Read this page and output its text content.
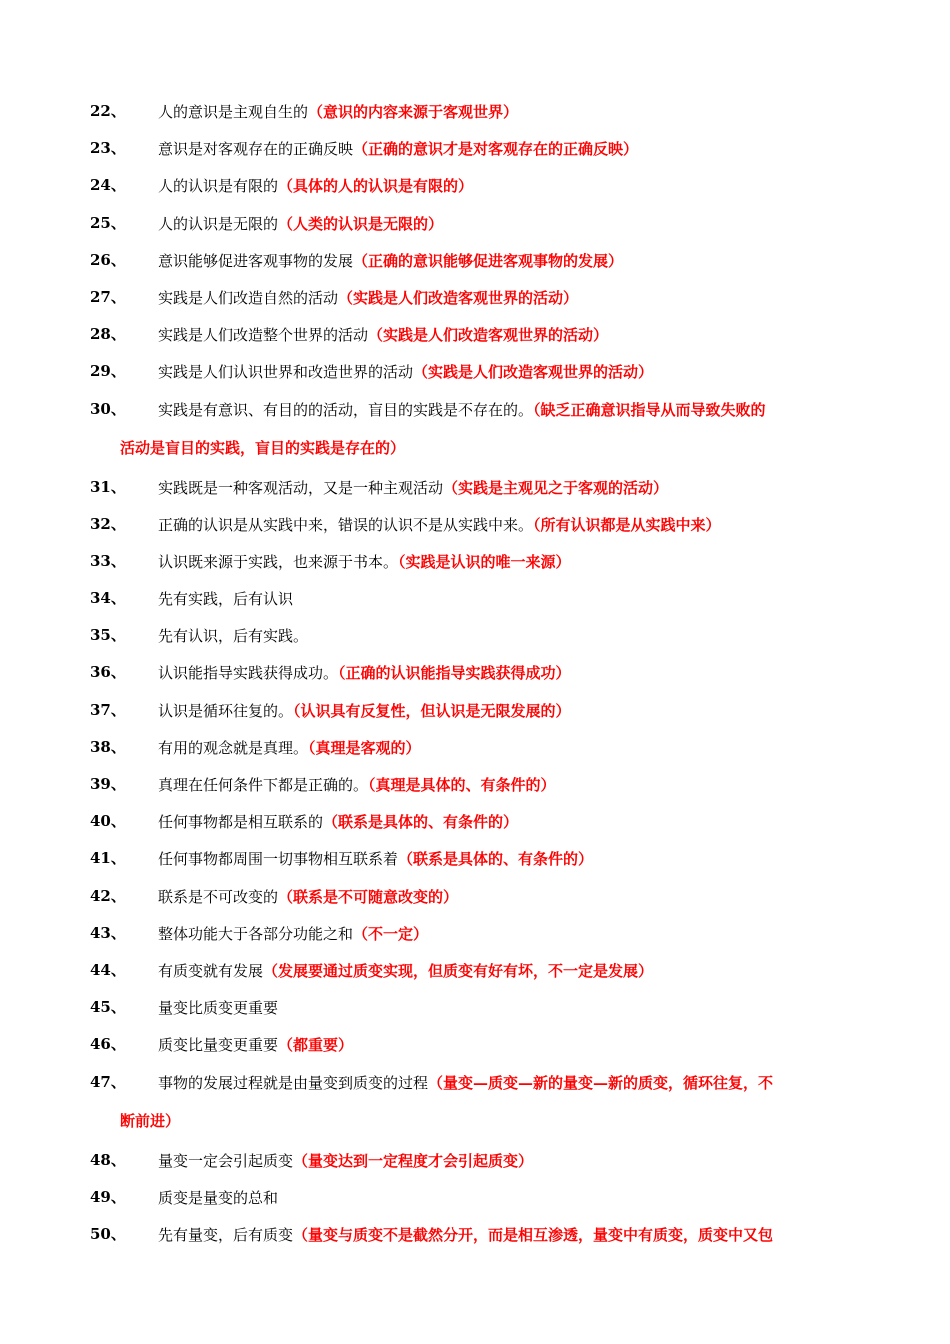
22、 人的意识是主观自生的（意识的内容来源于客观世界）
23、 意识是对客观存在的正确反映（正确的意识才是对客观存在的正确反映）
24、 人的认识是有限的（具体的人的认识是有限的）
25、 人的认识是无限的（人类的认识是无限的）
26、 意识能够促进客观事物的发展（正确的意识能够促进客观事物的发展）
27、 实践是人们改造自然的活动（实践是人们改造客观世界的活动）
28、 实践是人们改造整个世界的活动（实践是人们改造客观世界的活动）
29、 实践是人们认识世界和改造世界的活动（实践是人们改造客观世界的活动）
30、 实践是有意识、有目的的活动，盲目的实践是不存在的。（缺乏正确意识指导从而导致失败的
活动是盲目的实践，盲目的实践是存在的）
31、 实践既是一种客观活动，又是一种主观活动（实践是主观见之于客观的活动）
32、 正确的认识是从实践中来，错误的认识不是从实践中来。（所有认识都是从实践中来）
33、 认识既来源于实践，也来源于书本。（实践是认识的唯一来源）
34、 先有实践，后有认识
35、 先有认识，后有实践。
36、 认识能指导实践获得成功。（正确的认识能指导实践获得成功）
37、 认识是循环往复的。（认识具有反复性，但认识是无限发展的）
38、 有用的观念就是真理。（真理是客观的）
39、 真理在任何条件下都是正确的。（真理是具体的、有条件的）
40、 任何事物都是相互联系的（联系是具体的、有条件的）
41、 任何事物都周围一切事物相互联系着（联系是具体的、有条件的）
42、 联系是不可改变的（联系是不可随意改变的）
43、 整体功能大于各部分功能之和（不一定）
44、 有质变就有发展（发展要通过质变实现，但质变有好有坏，不一定是发展）
45、 量变比质变更重要
46、 质变比量变更重要（都重要）
47、 事物的发展过程就是由量变到质变的过程（量变—质变—新的量变—新的质变，循环往复，不
断前进）
48、 量变一定会引起质变（量变达到一定程度才会引起质变）
49、 质变是量变的总和
50、 先有量变，后有质变（量变与质变不是截然分开，而是相互渗透，量变中有质变，质变中又包
